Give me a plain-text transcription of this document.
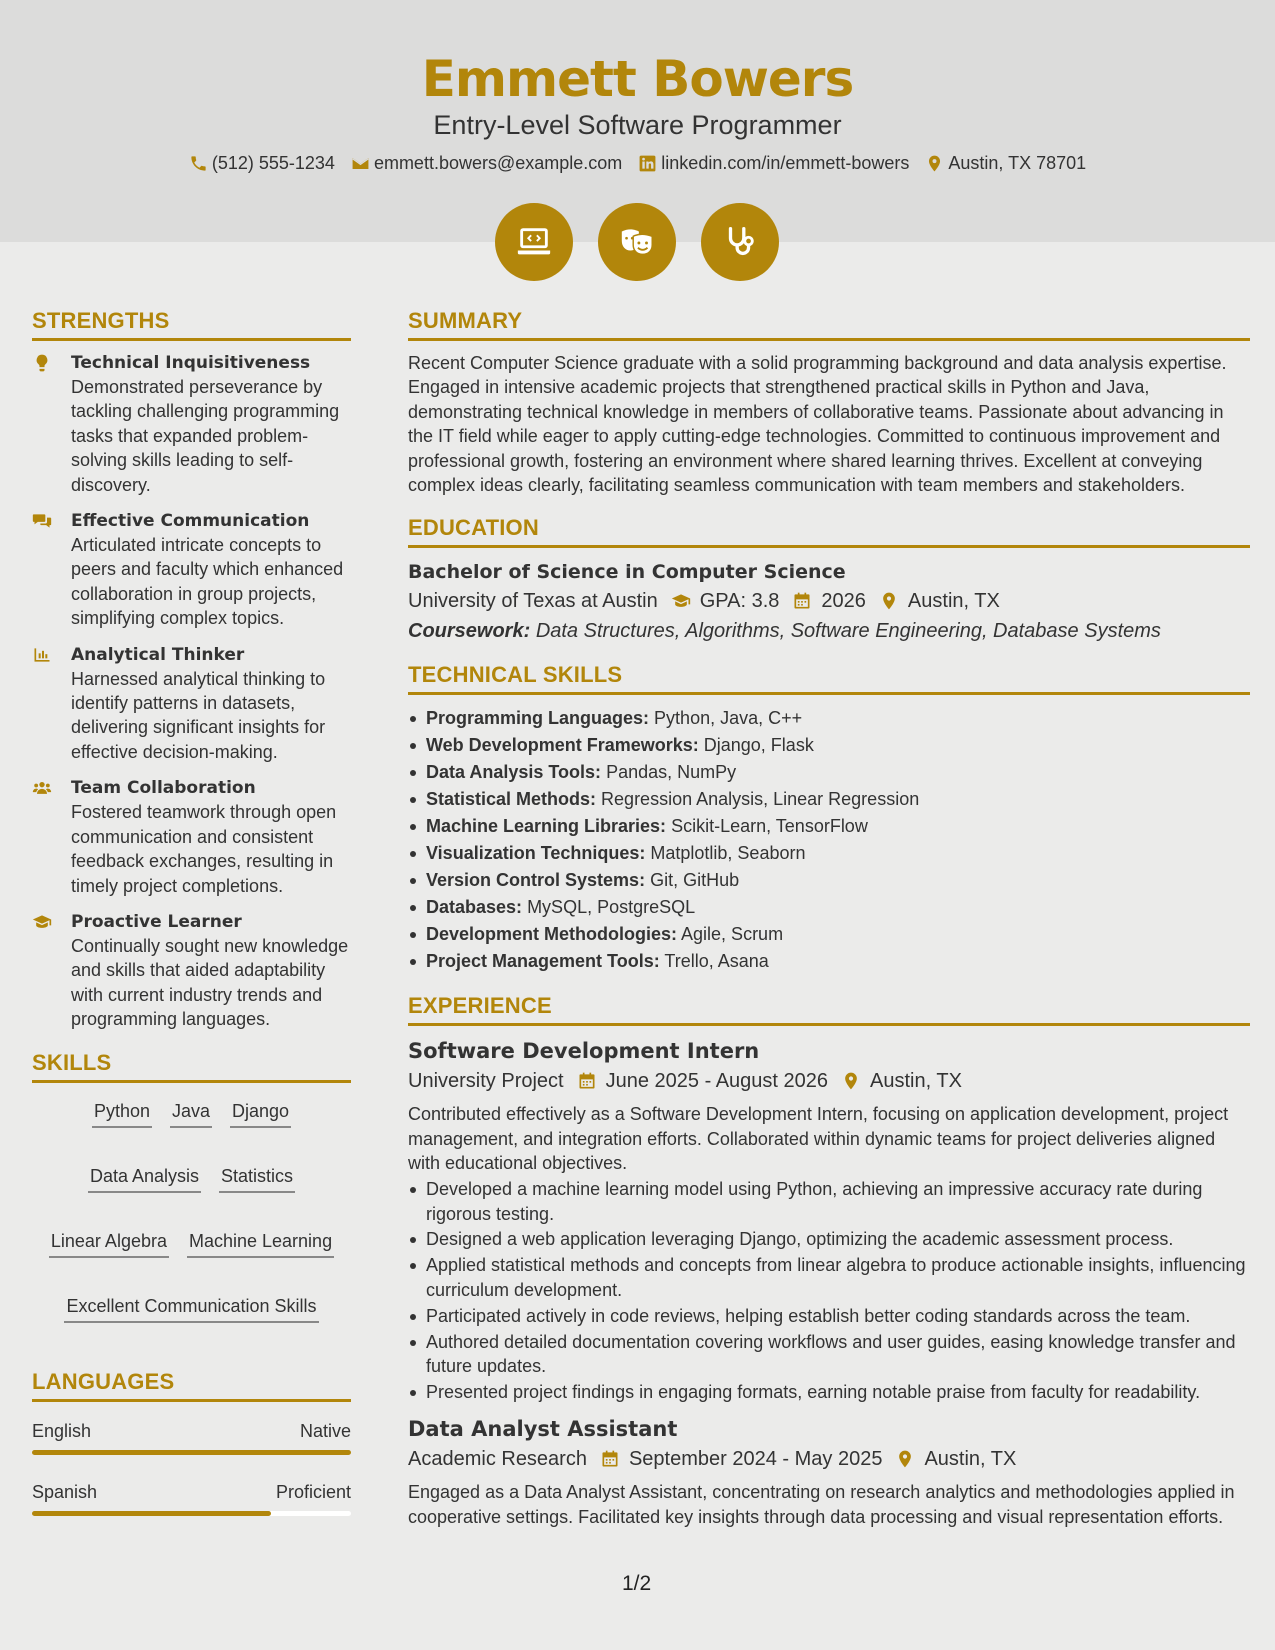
Emmett Bowers
Entry-Level Software Programmer
(512) 555-1234 emmett.bowers@example.com linkedin.com/in/emmett-bowers Austin, TX 78701
STRENGTHS
Technical Inquisitiveness
Demonstrated perseverance by tackling challenging programming tasks that expanded problem-solving skills leading to self-discovery.
Effective Communication
Articulated intricate concepts to peers and faculty which enhanced collaboration in group projects, simplifying complex topics.
Analytical Thinker
Harnessed analytical thinking to identify patterns in datasets, delivering significant insights for effective decision-making.
Team Collaboration
Fostered teamwork through open communication and consistent feedback exchanges, resulting in timely project completions.
Proactive Learner
Continually sought new knowledge and skills that aided adaptability with current industry trends and programming languages.
SKILLS
Python Java Django
Data Analysis Statistics
Linear Algebra Machine Learning
Excellent Communication Skills
LANGUAGES
English	Native
Spanish	Proficient
SUMMARY
Recent Computer Science graduate with a solid programming background and data analysis expertise. Engaged in intensive academic projects that strengthened practical skills in Python and Java, demonstrating technical knowledge in members of collaborative teams. Passionate about advancing in the IT field while eager to apply cutting-edge technologies. Committed to continuous improvement and professional growth, fostering an environment where shared learning thrives. Excellent at conveying complex ideas clearly, facilitating seamless communication with team members and stakeholders.
EDUCATION
Bachelor of Science in Computer Science
University of Texas at Austin GPA: 3.8 2026 Austin, TX
Coursework: Data Structures, Algorithms, Software Engineering, Database Systems
TECHNICAL SKILLS
Programming Languages: Python, Java, C++
Web Development Frameworks: Django, Flask
Data Analysis Tools: Pandas, NumPy
Statistical Methods: Regression Analysis, Linear Regression
Machine Learning Libraries: Scikit-Learn, TensorFlow
Visualization Techniques: Matplotlib, Seaborn
Version Control Systems: Git, GitHub
Databases: MySQL, PostgreSQL
Development Methodologies: Agile, Scrum
Project Management Tools: Trello, Asana
EXPERIENCE
Software Development Intern
University Project June 2025 - August 2026 Austin, TX
Contributed effectively as a Software Development Intern, focusing on application development, project management, and integration efforts. Collaborated within dynamic teams for project deliveries aligned with educational objectives.
Developed a machine learning model using Python, achieving an impressive accuracy rate during rigorous testing.
Designed a web application leveraging Django, optimizing the academic assessment process.
Applied statistical methods and concepts from linear algebra to produce actionable insights, influencing curriculum development.
Participated actively in code reviews, helping establish better coding standards across the team.
Authored detailed documentation covering workflows and user guides, easing knowledge transfer and future updates.
Presented project findings in engaging formats, earning notable praise from faculty for readability.
Data Analyst Assistant
Academic Research September 2024 - May 2025 Austin, TX
Engaged as a Data Analyst Assistant, concentrating on research analytics and methodologies applied in cooperative settings. Facilitated key insights through data processing and visual representation efforts.
1/2
